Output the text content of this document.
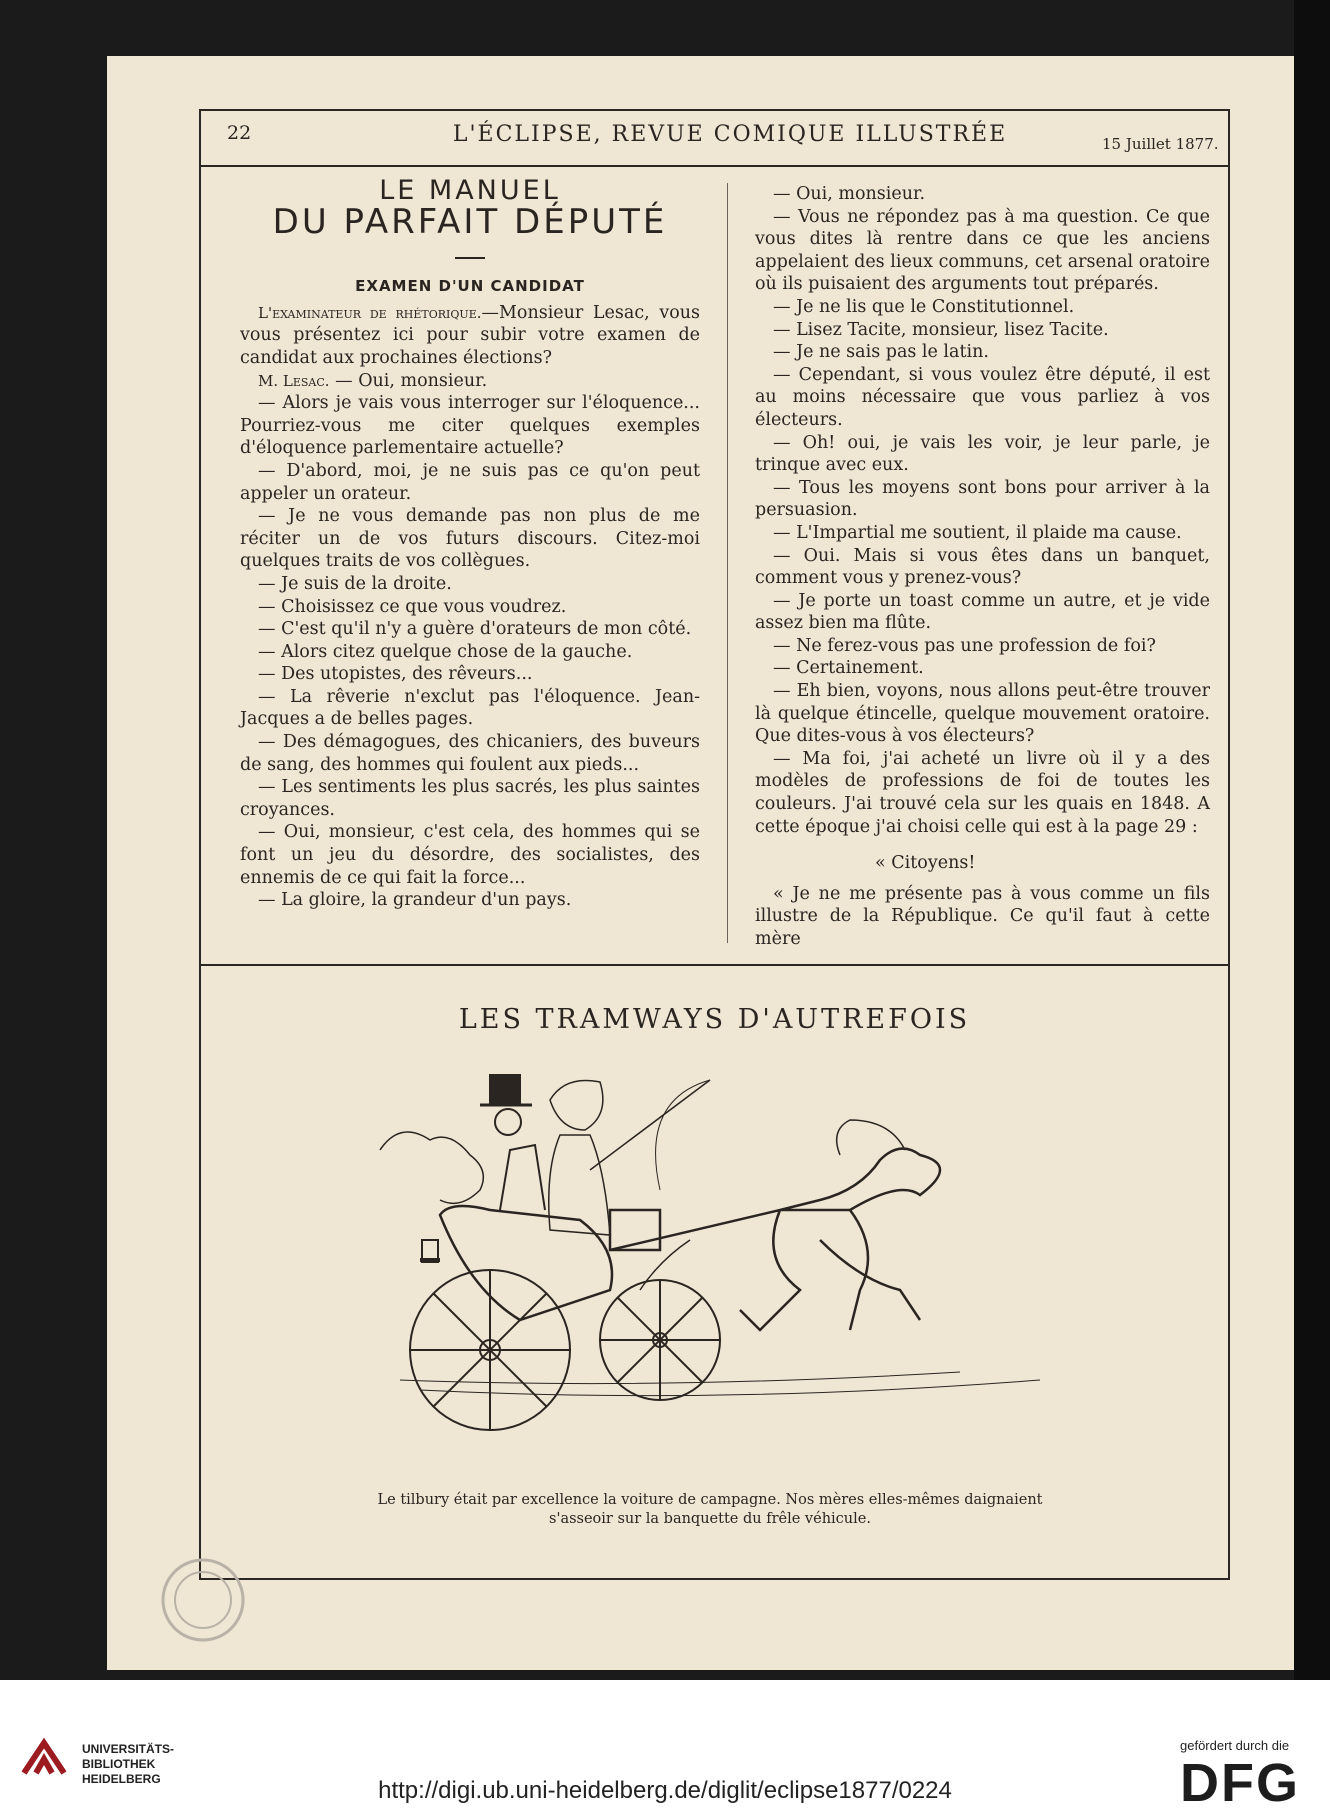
22	L'ÉCLIPSE, REVUE COMIQUE ILLUSTRÉE	15 Juillet 1877.
LE MANUEL
DU PARFAIT DÉPUTÉ
EXAMEN D'UN CANDIDAT

L'examinateur de rhétorique.—Monsieur Lesac, vous vous présentez ici pour subir votre examen de candidat aux prochaines élections?

M. Lesac. — Oui, monsieur.

— Alors je vais vous interroger sur l'éloquence... Pourriez-vous me citer quelques exemples d'éloquence parlementaire actuelle?

— D'abord, moi, je ne suis pas ce qu'on peut appeler un orateur.

— Je ne vous demande pas non plus de me réciter un de vos futurs discours. Citez-moi quelques traits de vos collègues.

— Je suis de la droite.

— Choisissez ce que vous voudrez.

— C'est qu'il n'y a guère d'orateurs de mon côté.

— Alors citez quelque chose de la gauche.

— Des utopistes, des rêveurs...

— La rêverie n'exclut pas l'éloquence. Jean-Jacques a de belles pages.

— Des démagogues, des chicaniers, des buveurs de sang, des hommes qui foulent aux pieds...

— Les sentiments les plus sacrés, les plus saintes croyances.

— Oui, monsieur, c'est cela, des hommes qui se font un jeu du désordre, des socialistes, des ennemis de ce qui fait la force...

— La gloire, la grandeur d'un pays.

— Oui, monsieur.

— Vous ne répondez pas à ma question. Ce que vous dites là rentre dans ce que les anciens appelaient des lieux communs, cet arsenal oratoire où ils puisaient des arguments tout préparés.

— Je ne lis que le Constitutionnel.

— Lisez Tacite, monsieur, lisez Tacite.

— Je ne sais pas le latin.

— Cependant, si vous voulez être député, il est au moins nécessaire que vous parliez à vos électeurs.

— Oh! oui, je vais les voir, je leur parle, je trinque avec eux.

— Tous les moyens sont bons pour arriver à la persuasion.

— L'Impartial me soutient, il plaide ma cause.

— Oui. Mais si vous êtes dans un banquet, comment vous y prenez-vous?

— Je porte un toast comme un autre, et je vide assez bien ma flûte.

— Ne ferez-vous pas une profession de foi?

— Certainement.

— Eh bien, voyons, nous allons peut-être trouver là quelque étincelle, quelque mouvement oratoire. Que dites-vous à vos électeurs?

— Ma foi, j'ai acheté un livre où il y a des modèles de professions de foi de toutes les couleurs. J'ai trouvé cela sur les quais en 1848. A cette époque j'ai choisi celle qui est à la page 29 :

« Citoyens!

« Je ne me présente pas à vous comme un fils illustre de la République. Ce qu'il faut à cette mère

LES TRAMWAYS D'AUTREFOIS
Le tilbury était par excellence la voiture de campagne. Nos mères elles-mêmes daignaient s'asseoir sur la banquette du frêle véhicule.
UNIVERSITÄTS-
BIBLIOTHEK
HEIDELBERG	http://digi.ub.uni-heidelberg.de/diglit/eclipse1877/0224
gefördert durch die
DFG
